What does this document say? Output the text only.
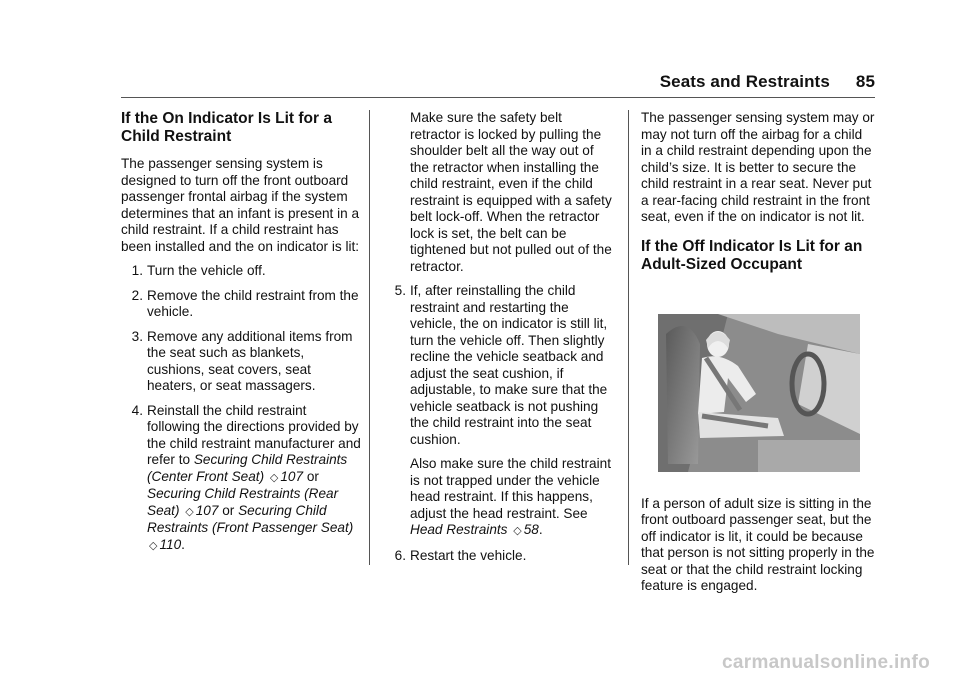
Seats and Restraints 85
If the On Indicator Is Lit for a Child Restraint

The passenger sensing system is designed to turn off the front outboard passenger frontal airbag if the system determines that an infant is present in a child restraint. If a child restraint has been installed and the on indicator is lit:

1. Turn the vehicle off.
2. Remove the child restraint from the vehicle.
3. Remove any additional items from the seat such as blankets, cushions, seat covers, seat heaters, or seat massagers.
4. Reinstall the child restraint following the directions provided by the child restraint manufacturer and refer to Securing Child Restraints (Center Front Seat) ◇ 107 or Securing Child Restraints (Rear Seat) ◇ 107 or Securing Child Restraints (Front Passenger Seat) ◇ 110.

Make sure the safety belt retractor is locked by pulling the shoulder belt all the way out of the retractor when installing the child restraint, even if the child restraint is equipped with a safety belt lock-off. When the retractor lock is set, the belt can be tightened but not pulled out of the retractor.

5. If, after reinstalling the child restraint and restarting the vehicle, the on indicator is still lit, turn the vehicle off. Then slightly recline the vehicle seatback and adjust the seat cushion, if adjustable, to make sure that the vehicle seatback is not pushing the child restraint into the seat cushion.
Also make sure the child restraint is not trapped under the vehicle head restraint. If this happens, adjust the head restraint. See Head Restraints ◇ 58.
6. Restart the vehicle.

The passenger sensing system may or may not turn off the airbag for a child in a child restraint depending upon the child’s size. It is better to secure the child restraint in a rear seat. Never put a rear-facing child restraint in the front seat, even if the on indicator is not lit.

If the Off Indicator Is Lit for an Adult-Sized Occupant

If a person of adult size is sitting in the front outboard passenger seat, but the off indicator is lit, it could be because that person is not sitting properly in the seat or that the child restraint locking feature is engaged.

carmanualsonline.info
